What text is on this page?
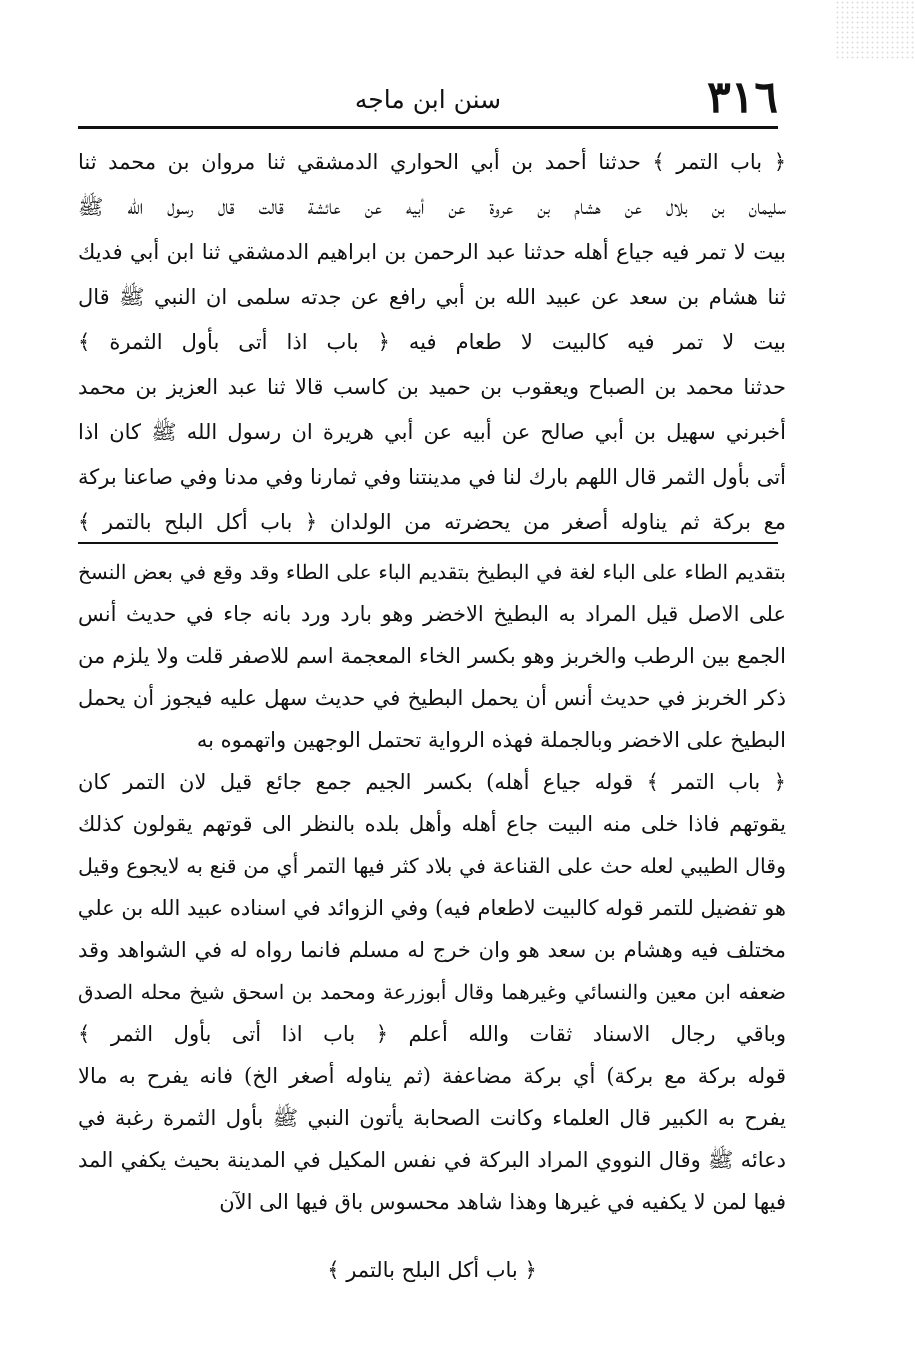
٣١٦
سنن ابن ماجه
﴿ باب التمر ﴾ حدثنا أحمد بن أبي الحواري الدمشقي ثنا مروان بن محمد ثنا
سليمان بن بلال عن هشام بن عروة عن أبيه عن عائشة قالت قال رسول الله ﷺ
بيت لا تمر فيه جياع أهله حدثنا عبد الرحمن بن ابراهيم الدمشقي ثنا ابن أبي فديك
ثنا هشام بن سعد عن عبيد الله بن أبي رافع عن جدته سلمى ان النبي ﷺ قال
بيت لا تمر فيه كالبيت لا طعام فيه ﴿ باب اذا أتى بأول الثمرة ﴾
حدثنا محمد بن الصباح ويعقوب بن حميد بن كاسب قالا ثنا عبد العزيز بن محمد
أخبرني سهيل بن أبي صالح عن أبيه عن أبي هريرة ان رسول الله ﷺ كان اذا
أتى بأول الثمر قال اللهم بارك لنا في مدينتنا وفي ثمارنا وفي مدنا وفي صاعنا بركة
مع بركة ثم يناوله أصغر من يحضرته من الولدان ﴿ باب أكل البلح بالتمر ﴾
بتقديم الطاء على الباء لغة في البطيخ بتقديم الباء على الطاء وقد وقع في بعض النسخ
على الاصل قيل المراد به البطيخ الاخضر وهو بارد ورد بانه جاء في حديث أنس
الجمع بين الرطب والخربز وهو بكسر الخاء المعجمة اسم للاصفر قلت ولا يلزم من
ذكر الخربز في حديث أنس أن يحمل البطيخ في حديث سهل عليه فيجوز أن يحمل
البطيخ على الاخضر وبالجملة فهذه الرواية تحتمل الوجهين واتهموه به
﴿ باب التمر ﴾ قوله جياع أهله) بكسر الجيم جمع جائع قيل لان التمر كان
يقوتهم فاذا خلى منه البيت جاع أهله وأهل بلده بالنظر الى قوتهم يقولون كذلك
وقال الطيبي لعله حث على القناعة في بلاد كثر فيها التمر أي من قنع به لايجوع وقيل
هو تفضيل للتمر قوله كالبيت لاطعام فيه) وفي الزوائد في اسناده عبيد الله بن علي
مختلف فيه وهشام بن سعد هو وان خرج له مسلم فانما رواه له في الشواهد وقد
ضعفه ابن معين والنسائي وغيرهما وقال أبوزرعة ومحمد بن اسحق شيخ محله الصدق
وباقي رجال الاسناد ثقات والله أعلم ﴿ باب اذا أتى بأول الثمر ﴾
قوله بركة مع بركة) أي بركة مضاعفة (ثم يناوله أصغر الخ) فانه يفرح به مالا
يفرح به الكبير قال العلماء وكانت الصحابة يأتون النبي ﷺ بأول الثمرة رغبة في
دعائه ﷺ وقال النووي المراد البركة في نفس المكيل في المدينة بحيث يكفي المد
فيها لمن لا يكفيه في غيرها وهذا شاهد محسوس باق فيها الى الآن
﴿ باب أكل البلح بالتمر ﴾
